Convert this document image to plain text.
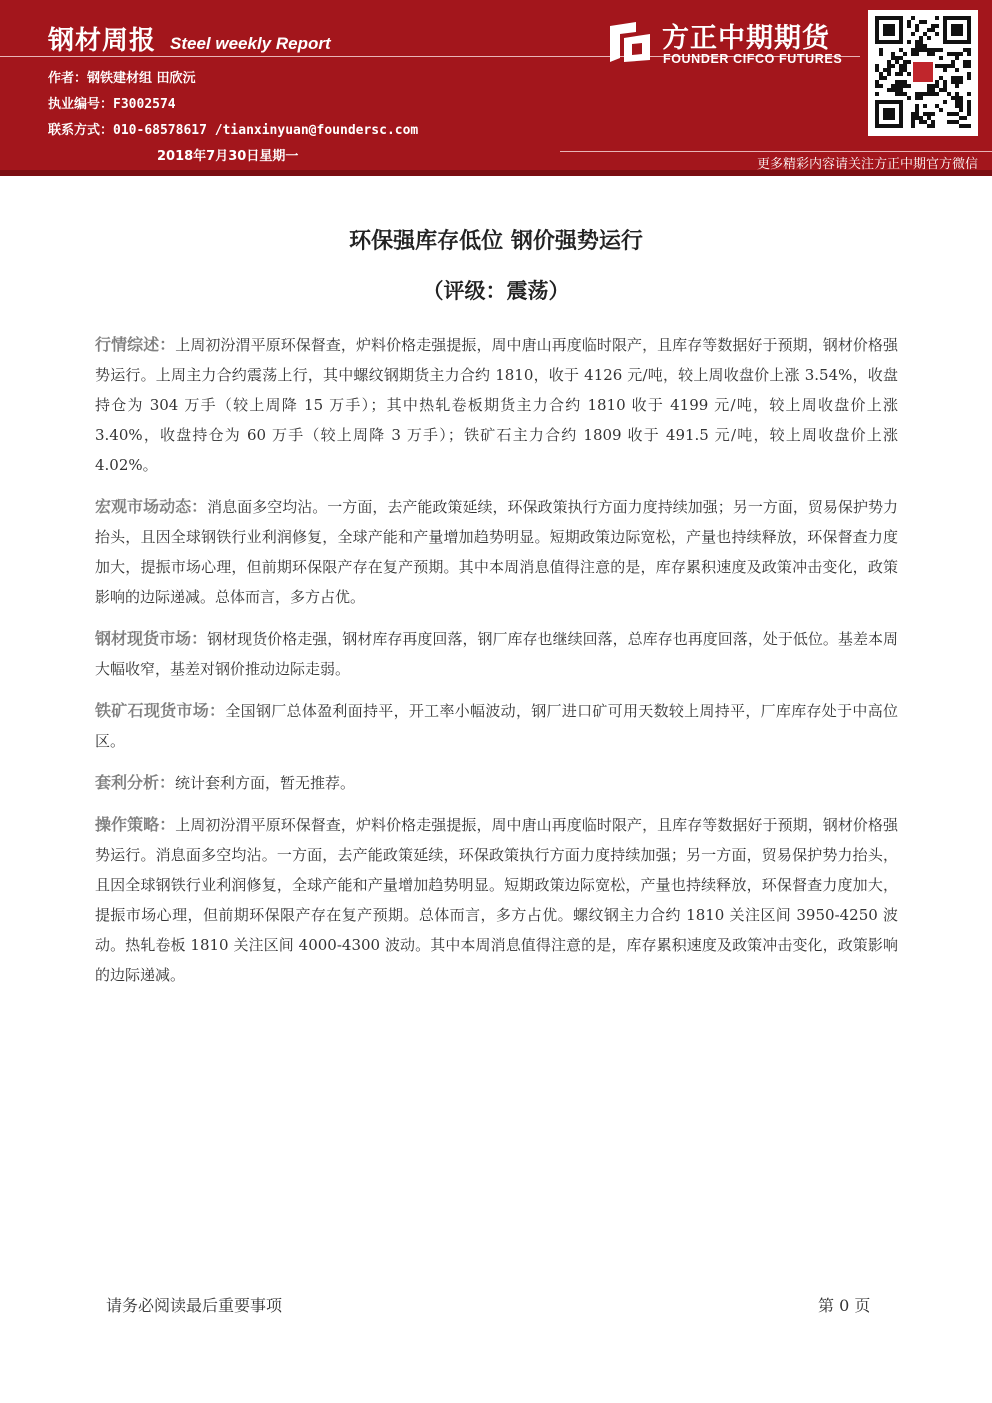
钢材周报 Steel weekly Report
作者：钢铁建材组 田欣沅
执业编号：F3002574
联系方式：010-68578617 /tianxinyuan@foundersc.com
2018年7月30日星期一
更多精彩内容请关注方正中期官方微信
方正中期期货
FOUNDER CIFCO FUTURES
环保强库存低位 钢价强势运行
（评级：震荡）

行情综述：上周初汾渭平原环保督查，炉料价格走强提振，周中唐山再度临时限产，且库存等数据好于预期，钢材价格强势运行。上周主力合约震荡上行，其中螺纹钢期货主力合约 1810，收于 4126 元/吨，较上周收盘价上涨 3.54%，收盘持仓为 304 万手（较上周降 15 万手）；其中热轧卷板期货主力合约 1810 收于 4199 元/吨，较上周收盘价上涨 3.40%，收盘持仓为 60 万手（较上周降 3 万手）；铁矿石主力合约 1809 收于 491.5 元/吨，较上周收盘价上涨 4.02%。

宏观市场动态：消息面多空均沾。一方面，去产能政策延续，环保政策执行方面力度持续加强；另一方面，贸易保护势力抬头，且因全球钢铁行业利润修复，全球产能和产量增加趋势明显。短期政策边际宽松，产量也持续释放，环保督查力度加大，提振市场心理，但前期环保限产存在复产预期。其中本周消息值得注意的是，库存累积速度及政策冲击变化，政策影响的边际递减。总体而言，多方占优。

钢材现货市场：钢材现货价格走强，钢材库存再度回落，钢厂库存也继续回落，总库存也再度回落，处于低位。基差本周大幅收窄，基差对钢价推动边际走弱。

铁矿石现货市场：全国钢厂总体盈利面持平，开工率小幅波动，钢厂进口矿可用天数较上周持平，厂库库存处于中高位区。

套利分析：统计套利方面，暂无推荐。

操作策略：上周初汾渭平原环保督查，炉料价格走强提振，周中唐山再度临时限产，且库存等数据好于预期，钢材价格强势运行。消息面多空均沾。一方面，去产能政策延续，环保政策执行方面力度持续加强；另一方面，贸易保护势力抬头，且因全球钢铁行业利润修复，全球产能和产量增加趋势明显。短期政策边际宽松，产量也持续释放，环保督查力度加大，提振市场心理，但前期环保限产存在复产预期。总体而言，多方占优。螺纹钢主力合约 1810 关注区间 3950-4250 波动。热轧卷板 1810 关注区间 4000-4300 波动。其中本周消息值得注意的是，库存累积速度及政策冲击变化，政策影响的边际递减。

请务必阅读最后重要事项	第 0 页
